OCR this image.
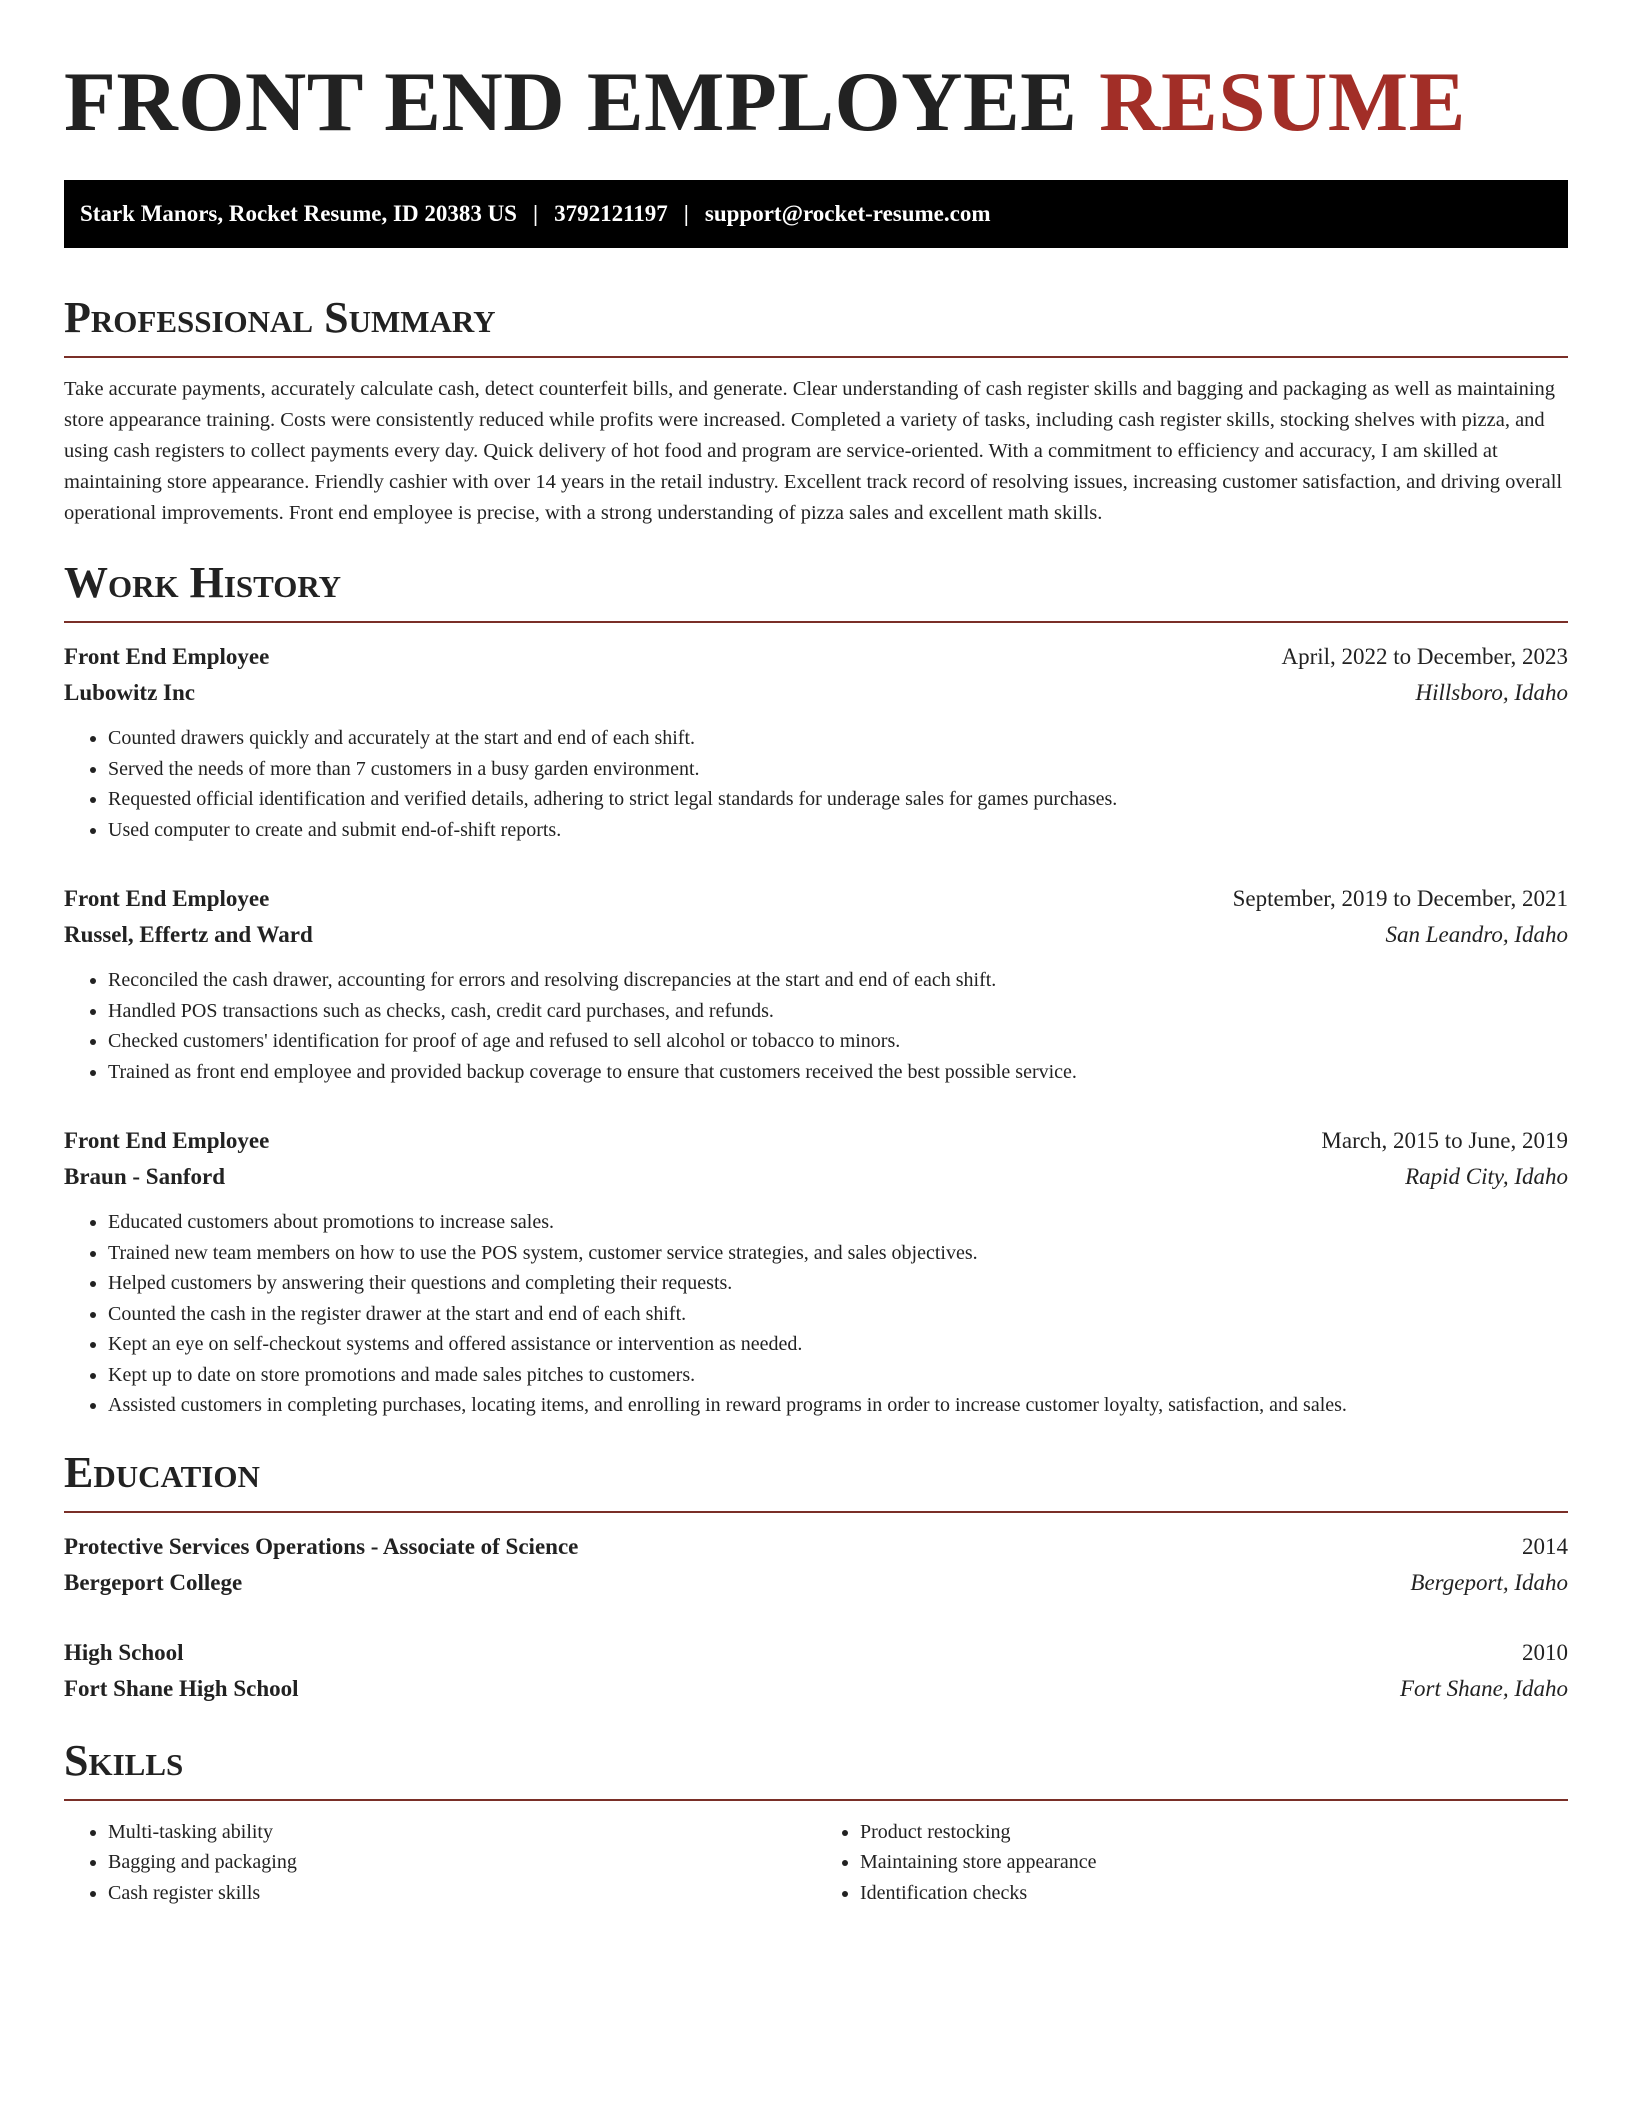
FRONT END EMPLOYEE RESUME
Stark Manors, Rocket Resume, ID 20383 US | 3792121197 | support@rocket-resume.com
Professional Summary

Take accurate payments, accurately calculate cash, detect counterfeit bills, and generate. Clear understanding of cash register skills and bagging and packaging as well as maintaining store appearance training. Costs were consistently reduced while profits were increased. Completed a variety of tasks, including cash register skills, stocking shelves with pizza, and using cash registers to collect payments every day. Quick delivery of hot food and program are service-oriented. With a commitment to efficiency and accuracy, I am skilled at maintaining store appearance. Friendly cashier with over 14 years in the retail industry. Excellent track record of resolving issues, increasing customer satisfaction, and driving overall operational improvements. Front end employee is precise, with a strong understanding of pizza sales and excellent math skills.

Work History
Front End Employee	April, 2022 to December, 2023
Lubowitz Inc	Hillsboro, Idaho
• Counted drawers quickly and accurately at the start and end of each shift.
• Served the needs of more than 7 customers in a busy garden environment.
• Requested official identification and verified details, adhering to strict legal standards for underage sales for games purchases.
• Used computer to create and submit end-of-shift reports.
Front End Employee	September, 2019 to December, 2021
Russel, Effertz and Ward	San Leandro, Idaho
• Reconciled the cash drawer, accounting for errors and resolving discrepancies at the start and end of each shift.
• Handled POS transactions such as checks, cash, credit card purchases, and refunds.
• Checked customers' identification for proof of age and refused to sell alcohol or tobacco to minors.
• Trained as front end employee and provided backup coverage to ensure that customers received the best possible service.
Front End Employee	March, 2015 to June, 2019
Braun - Sanford	Rapid City, Idaho
• Educated customers about promotions to increase sales.
• Trained new team members on how to use the POS system, customer service strategies, and sales objectives.
• Helped customers by answering their questions and completing their requests.
• Counted the cash in the register drawer at the start and end of each shift.
• Kept an eye on self-checkout systems and offered assistance or intervention as needed.
• Kept up to date on store promotions and made sales pitches to customers.
• Assisted customers in completing purchases, locating items, and enrolling in reward programs in order to increase customer loyalty, satisfaction, and sales.
Education
Protective Services Operations - Associate of Science	2014
Bergeport College	Bergeport, Idaho
High School	2010
Fort Shane High School	Fort Shane, Idaho
Skills
• Multi-tasking ability
• Bagging and packaging
• Cash register skills
• Product restocking
• Maintaining store appearance
• Identification checks
